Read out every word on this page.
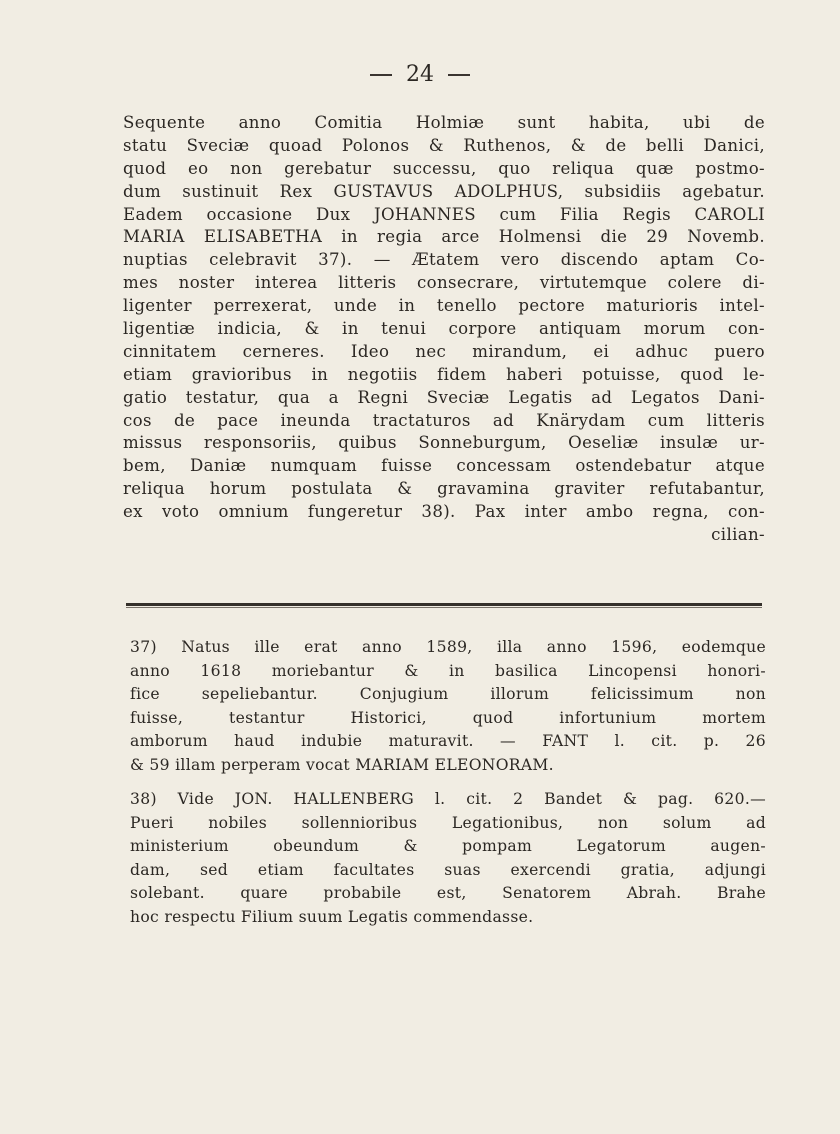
24
Sequente anno Comitia Holmiæ sunt habita, ubi de
statu Sveciæ quoad Polonos & Ruthenos, & de belli Danici,
quod eo non gerebatur successu, quo reliqua quæ postmo-
dum sustinuit Rex GUSTAVUS ADOLPHUS, subsidiis agebatur.
Eadem occasione Dux JOHANNES cum Filia Regis CAROLI
MARIA ELISABETHA in regia arce Holmensi die 29 Novemb.
nuptias celebravit 37). — Ætatem vero discendo aptam Co-
mes noster interea litteris consecrare, virtutemque colere di-
ligenter perrexerat, unde in tenello pectore maturioris intel-
ligentiæ indicia, & in tenui corpore antiquam morum con-
cinnitatem cerneres. Ideo nec mirandum, ei adhuc puero
etiam gravioribus in negotiis fidem haberi potuisse, quod le-
gatio testatur, qua a Regni Sveciæ Legatis ad Legatos Dani-
cos de pace ineunda tractaturos ad Knärydam cum litteris
missus responsoriis, quibus Sonneburgum, Oeseliæ insulæ ur-
bem, Daniæ numquam fuisse concessam ostendebatur atque
reliqua horum postulata & gravamina graviter refutabantur,
ex voto omnium fungeretur 38). Pax inter ambo regna, con-
cilian-
37) Natus ille erat anno 1589, illa anno 1596, eodemque
anno 1618 moriebantur & in basilica Lincopensi honori-
fice sepeliebantur. Conjugium illorum felicissimum non
fuisse, testantur Historici, quod infortunium mortem
amborum haud indubie maturavit. — FANT l. cit. p. 26
& 59 illam perperam vocat MARIAM ELEONORAM.
38) Vide JON. HALLENBERG l. cit. 2 Bandet & pag. 620.—
Pueri nobiles sollennioribus Legationibus, non solum ad
ministerium obeundum & pompam Legatorum augen-
dam, sed etiam facultates suas exercendi gratia, adjungi
solebant. quare probabile est, Senatorem Abrah. Brahe
hoc respectu Filium suum Legatis commendasse.
